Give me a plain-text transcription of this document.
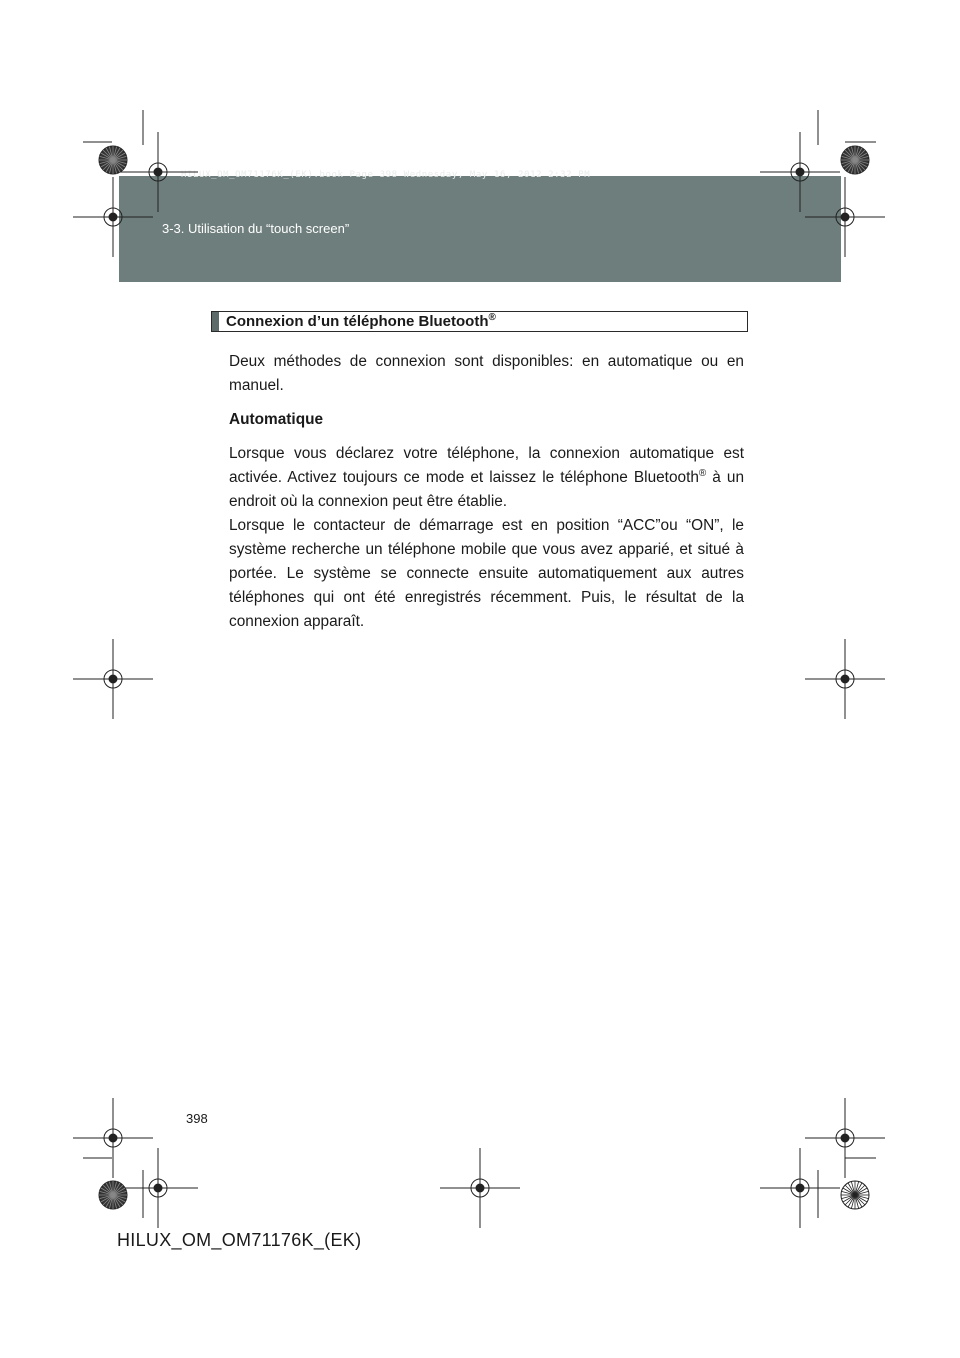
HILUX_OM_OM71176K_(EK).book Page 398 Wednesday, May 16, 2012 2:32 PM
3-3. Utilisation du “touch screen”
Connexion d’un téléphone Bluetooth®

Deux méthodes de connexion sont disponibles: en automatique ou en manuel.

Automatique

Lorsque vous déclarez votre téléphone, la connexion automatique est activée. Activez toujours ce mode et laissez le téléphone Bluetooth® à un endroit où la connexion peut être établie.

Lorsque le contacteur de démarrage est en position “ACC”ou “ON”, le système recherche un téléphone mobile que vous avez apparié, et situé à portée. Le système se connecte ensuite automatiquement aux autres téléphones qui ont été enregistrés récemment. Puis, le résultat de la connexion apparaît.

398
HILUX_OM_OM71176K_(EK)
